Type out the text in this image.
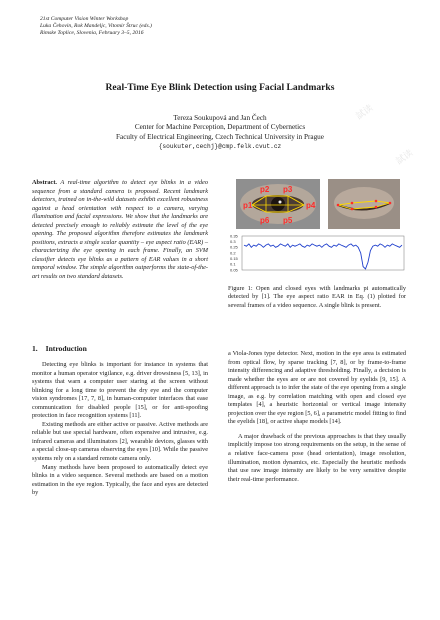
試读
試读
21st Computer Vision Winter Workshop
Luka Čehovin, Rok Mandeljc, Vitomir Štruc (eds.)
Rimske Toplice, Slovenia, February 3–5, 2016
Real-Time Eye Blink Detection using Facial Landmarks
Tereza Soukupová and Jan Čech
Center for Machine Perception, Department of Cybernetics
Faculty of Electrical Engineering, Czech Technical University in Prague
{soukuter,cechj}@cmp.felk.cvut.cz
Abstract. A real-time algorithm to detect eye blinks in a video sequence from a standard camera is proposed. Recent landmark detectors, trained on in-the-wild datasets exhibit excellent robustness against a head orientation with respect to a camera, varying illumination and facial expressions. We show that the landmarks are detected precisely enough to reliably estimate the level of the eye opening. The proposed algorithm therefore estimates the landmark positions, extracts a single scalar quantity – eye aspect ratio (EAR) – characterizing the eye opening in each frame. Finally, an SVM classifier detects eye blinks as a pattern of EAR values in a short temporal window. The simple algorithm outperforms the state-of-the-art results on two standard datasets.
p1
p2 p3
p4
p5
p6
0.35
0.3
0.25
0.2
0.15
0.1
0.05
Figure 1: Open and closed eyes with landmarks pi automatically detected by [1]. The eye aspect ratio EAR in Eq. (1) plotted for several frames of a video sequence. A single blink is present.
1. Introduction

Detecting eye blinks is important for instance in systems that monitor a human operator vigilance, e.g. driver drowsiness [5, 13], in systems that warn a computer user staring at the screen without blinking for a long time to prevent the dry eye and the computer vision syndromes [17, 7, 8], in human-computer interfaces that ease communication for disabled people [15], or for anti-spoofing protection in face recognition systems [11].

Existing methods are either active or passive. Active methods are reliable but use special hardware, often expensive and intrusive, e.g. infrared cameras and illuminators [2], wearable devices, glasses with a special close-up cameras observing the eyes [10]. While the passive systems rely on a standard remote camera only.

Many methods have been proposed to automatically detect eye blinks in a video sequence. Several methods are based on a motion estimation in the eye region. Typically, the face and eyes are detected by

a Viola-Jones type detector. Next, motion in the eye area is estimated from optical flow, by sparse tracking [7, 8], or by frame-to-frame intensity differencing and adaptive thresholding. Finally, a decision is made whether the eyes are or are not covered by eyelids [9, 15]. A different approach is to infer the state of the eye opening from a single image, as e.g. by correlation matching with open and closed eye templates [4], a heuristic horizontal or vertical image intensity projection over the eye region [5, 6], a parametric model fitting to find the eyelids [18], or active shape models [14].

A major drawback of the previous approaches is that they usually implicitly impose too strong requirements on the setup, in the sense of a relative face-camera pose (head orientation), image resolution, illumination, motion dynamics, etc. Especially the heuristic methods that use raw image intensity are likely to be very sensitive despite their real-time performance.
